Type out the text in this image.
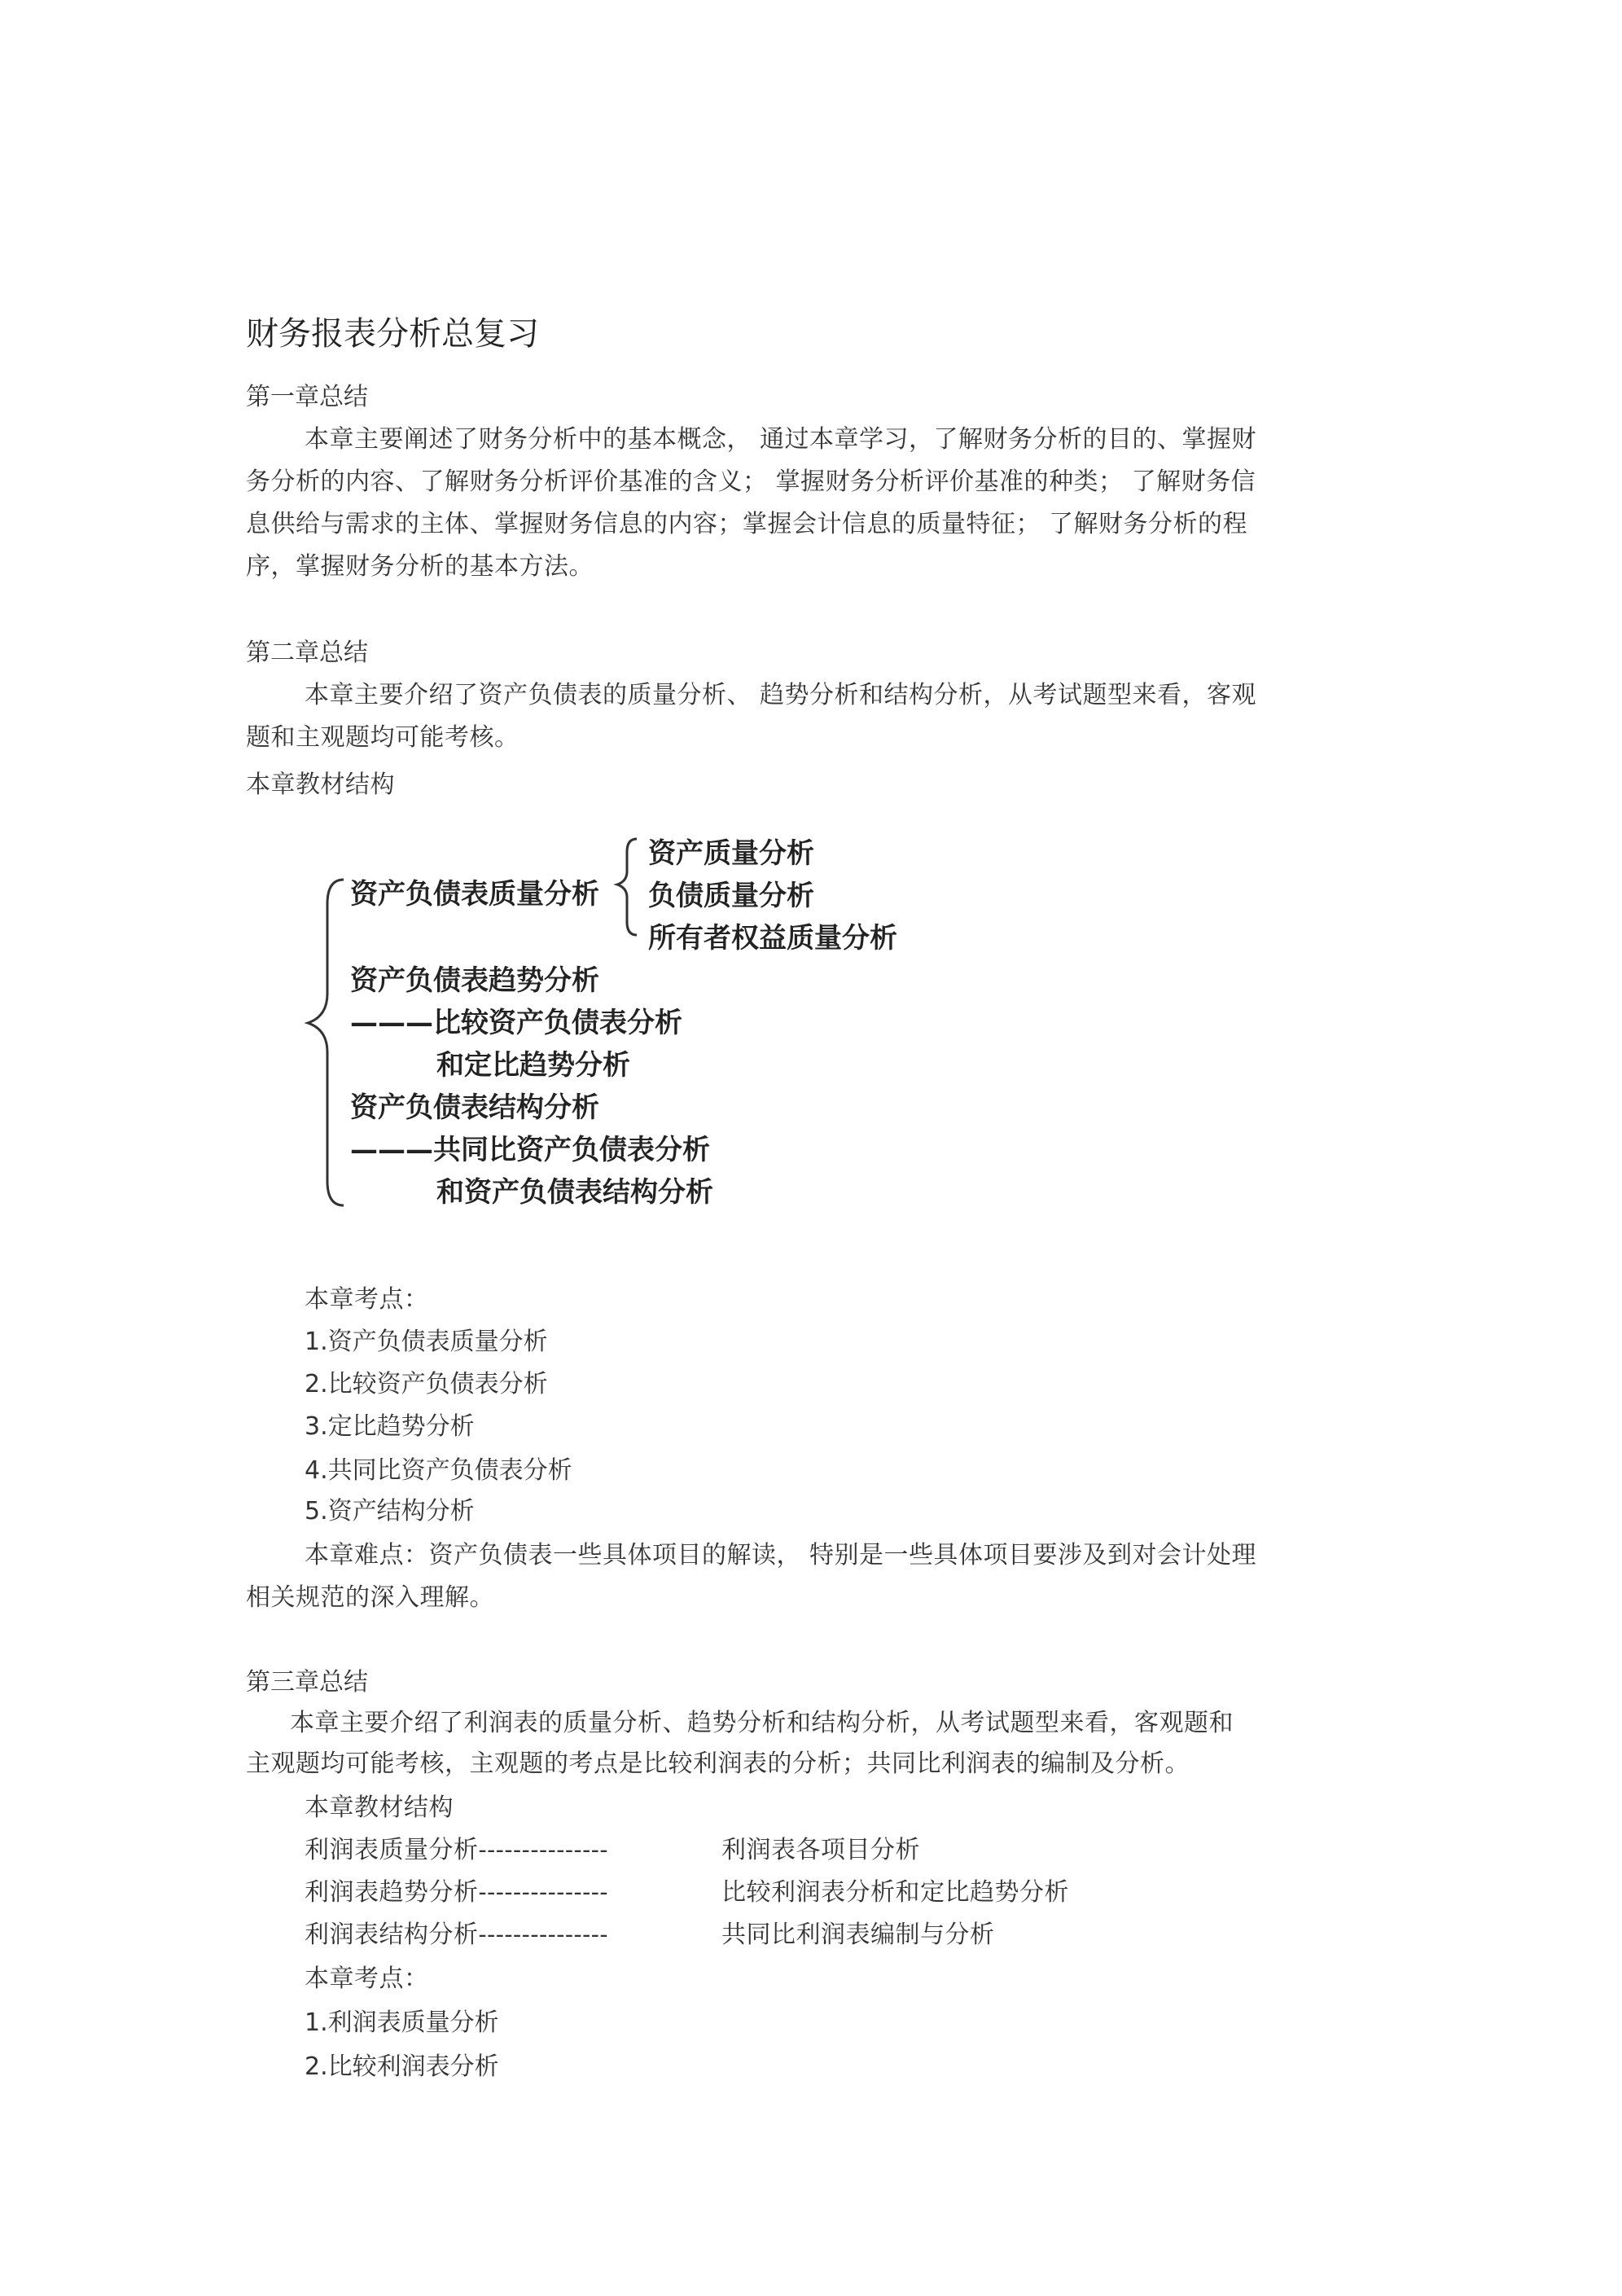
财务报表分析总复习
第一章总结
本章主要阐述了财务分析中的基本概念， 通过本章学习，了解财务分析的目的、掌握财
务分析的内容、了解财务分析评价基准的含义； 掌握财务分析评价基准的种类； 了解财务信
息供给与需求的主体、掌握财务信息的内容；掌握会计信息的质量特征； 了解财务分析的程
序，掌握财务分析的基本方法。
第二章总结
本章主要介绍了资产负债表的质量分析、 趋势分析和结构分析，从考试题型来看，客观
题和主观题均可能考核。
本章教材结构
资产负债表质量分析
资产质量分析
负债质量分析
所有者权益质量分析
资产负债表趋势分析
———比较资产负债表分析
和定比趋势分析
资产负债表结构分析
———共同比资产负债表分析
和资产负债表结构分析
本章考点：
1.资产负债表质量分析
2.比较资产负债表分析
3.定比趋势分析
4.共同比资产负债表分析
5.资产结构分析
本章难点：资产负债表一些具体项目的解读， 特别是一些具体项目要涉及到对会计处理
相关规范的深入理解。
第三章总结
本章主要介绍了利润表的质量分析、趋势分析和结构分析，从考试题型来看，客观题和
主观题均可能考核，主观题的考点是比较利润表的分析；共同比利润表的编制及分析。
本章教材结构
利润表质量分析---------------	利润表各项目分析
利润表趋势分析---------------	比较利润表分析和定比趋势分析
利润表结构分析---------------	共同比利润表编制与分析
本章考点：
1.利润表质量分析
2.比较利润表分析
